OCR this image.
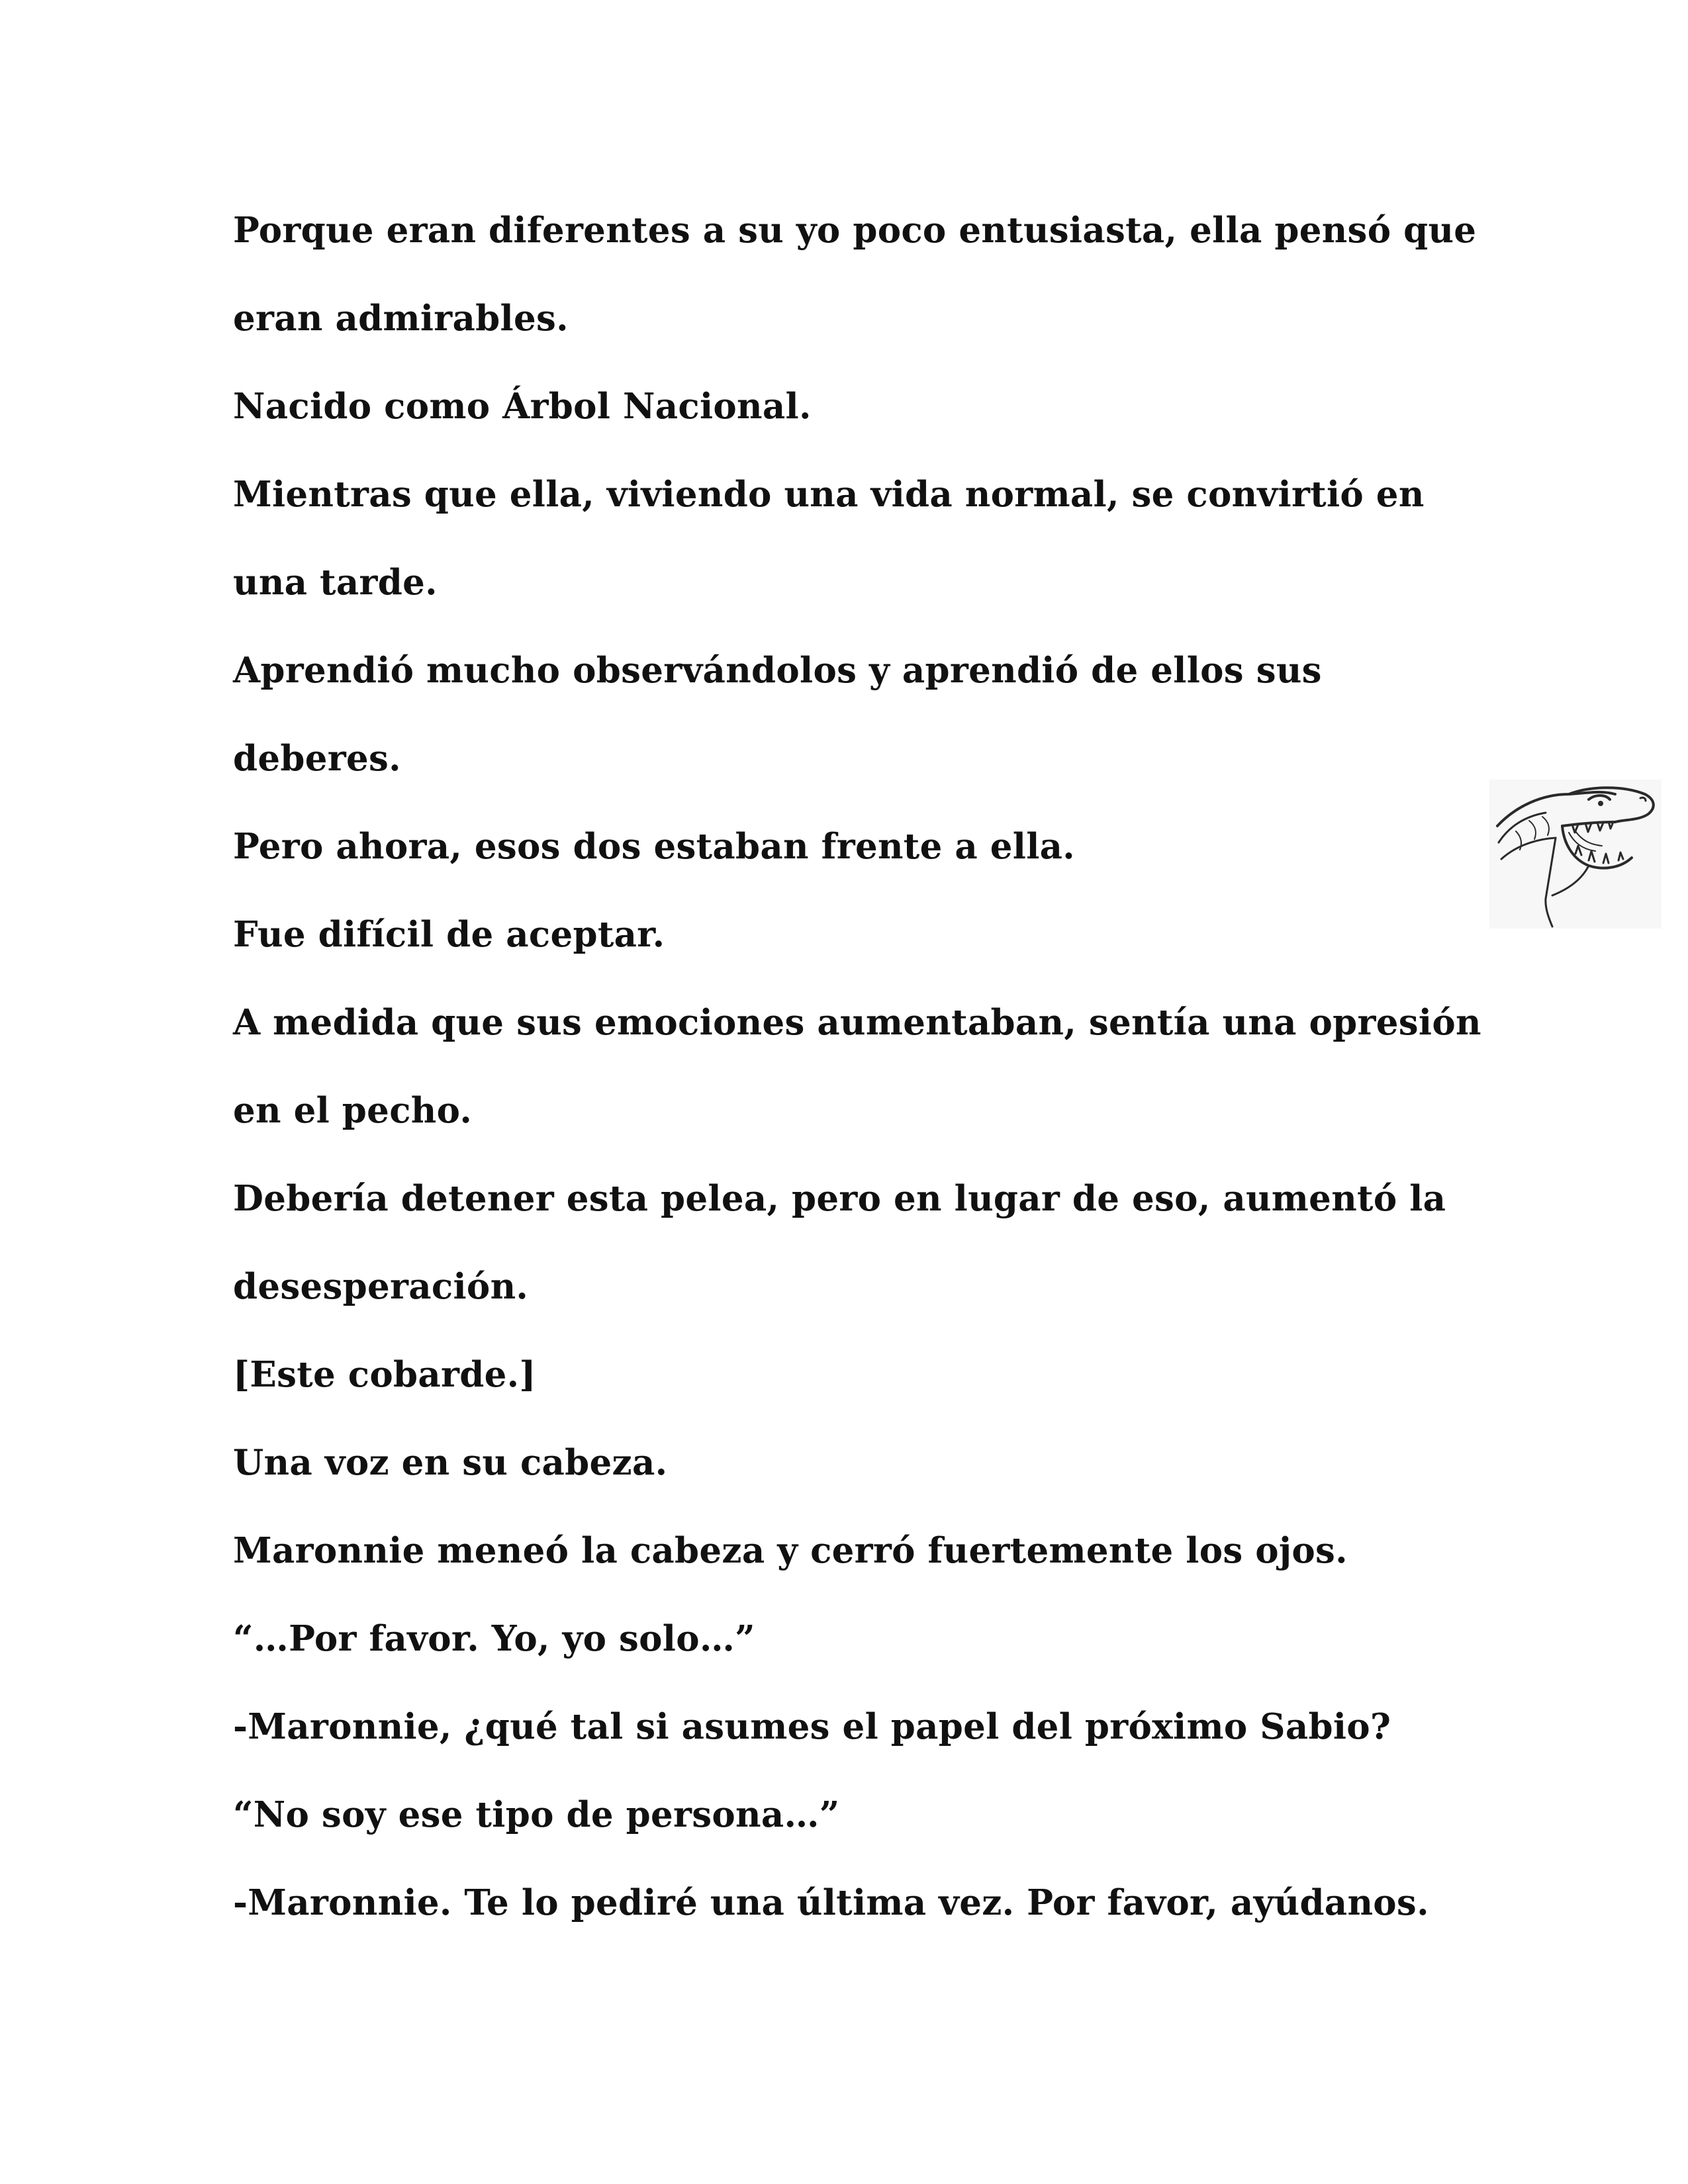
Porque eran diferentes a su yo poco entusiasta, ella pensó que

eran admirables.

Nacido como Árbol Nacional.

Mientras que ella, viviendo una vida normal, se convirtió en

una tarde.

Aprendió mucho observándolos y aprendió de ellos sus

deberes.

Pero ahora, esos dos estaban frente a ella.

Fue difícil de aceptar.

A medida que sus emociones aumentaban, sentía una opresión

en el pecho.

Debería detener esta pelea, pero en lugar de eso, aumentó la

desesperación.

[Este cobarde.]

Una voz en su cabeza.

Maronnie meneó la cabeza y cerró fuertemente los ojos.

“…Por favor. Yo, yo solo…”

-Maronnie, ¿qué tal si asumes el papel del próximo Sabio?

“No soy ese tipo de persona…”

-Maronnie. Te lo pediré una última vez. Por favor, ayúdanos.
